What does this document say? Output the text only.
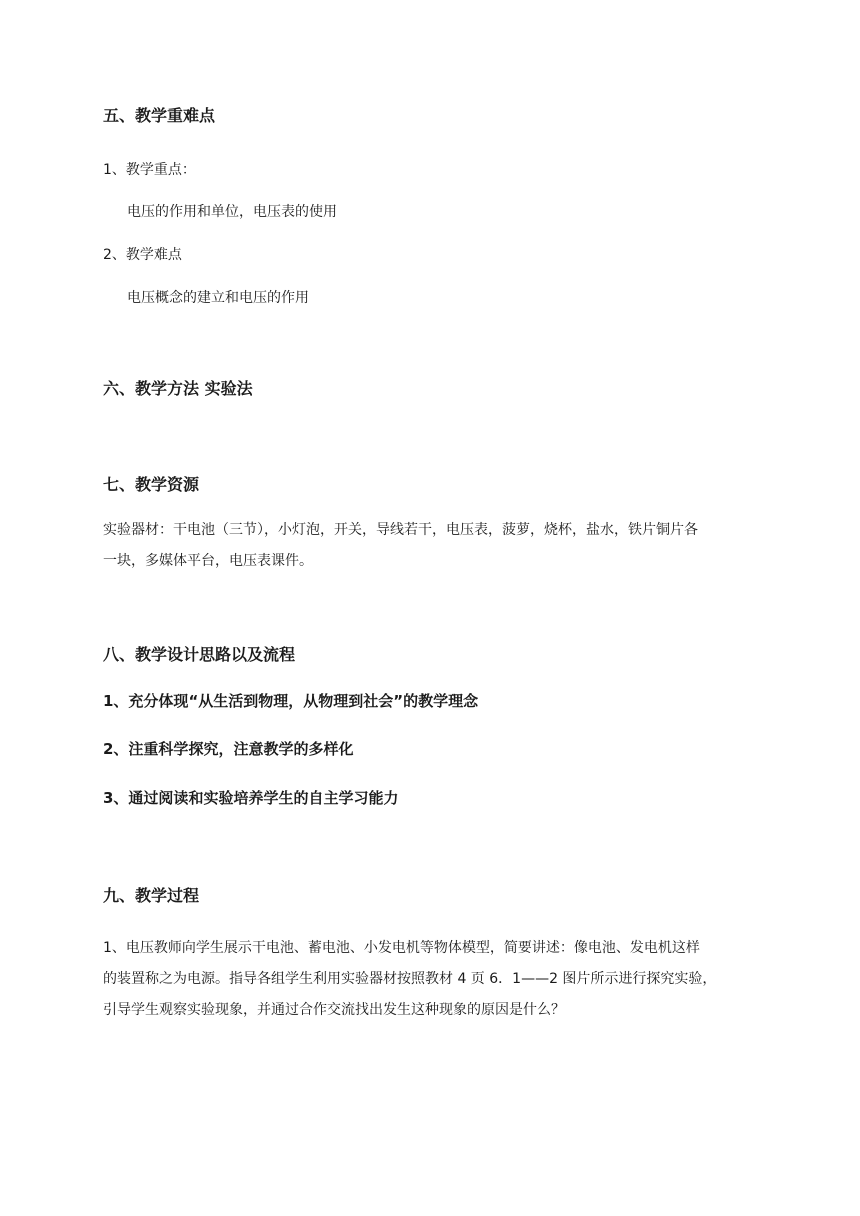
五、教学重难点
1、教学重点：
电压的作用和单位，电压表的使用
2、教学难点
电压概念的建立和电压的作用
六、教学方法 实验法
七、教学资源
实验器材：干电池（三节），小灯泡，开关，导线若干，电压表，菠萝，烧杯，盐水，铁片铜片各
一块，多媒体平台，电压表课件。
八、教学设计思路以及流程
1、充分体现“从生活到物理，从物理到社会”的教学理念
2、注重科学探究，注意教学的多样化
3、通过阅读和实验培养学生的自主学习能力
九、教学过程
1、电压教师向学生展示干电池、蓄电池、小发电机等物体模型，简要讲述：像电池、发电机这样
的装置称之为电源。指导各组学生利用实验器材按照教材 4 页 6．1——2 图片所示进行探究实验，
引导学生观察实验现象，并通过合作交流找出发生这种现象的原因是什么？
